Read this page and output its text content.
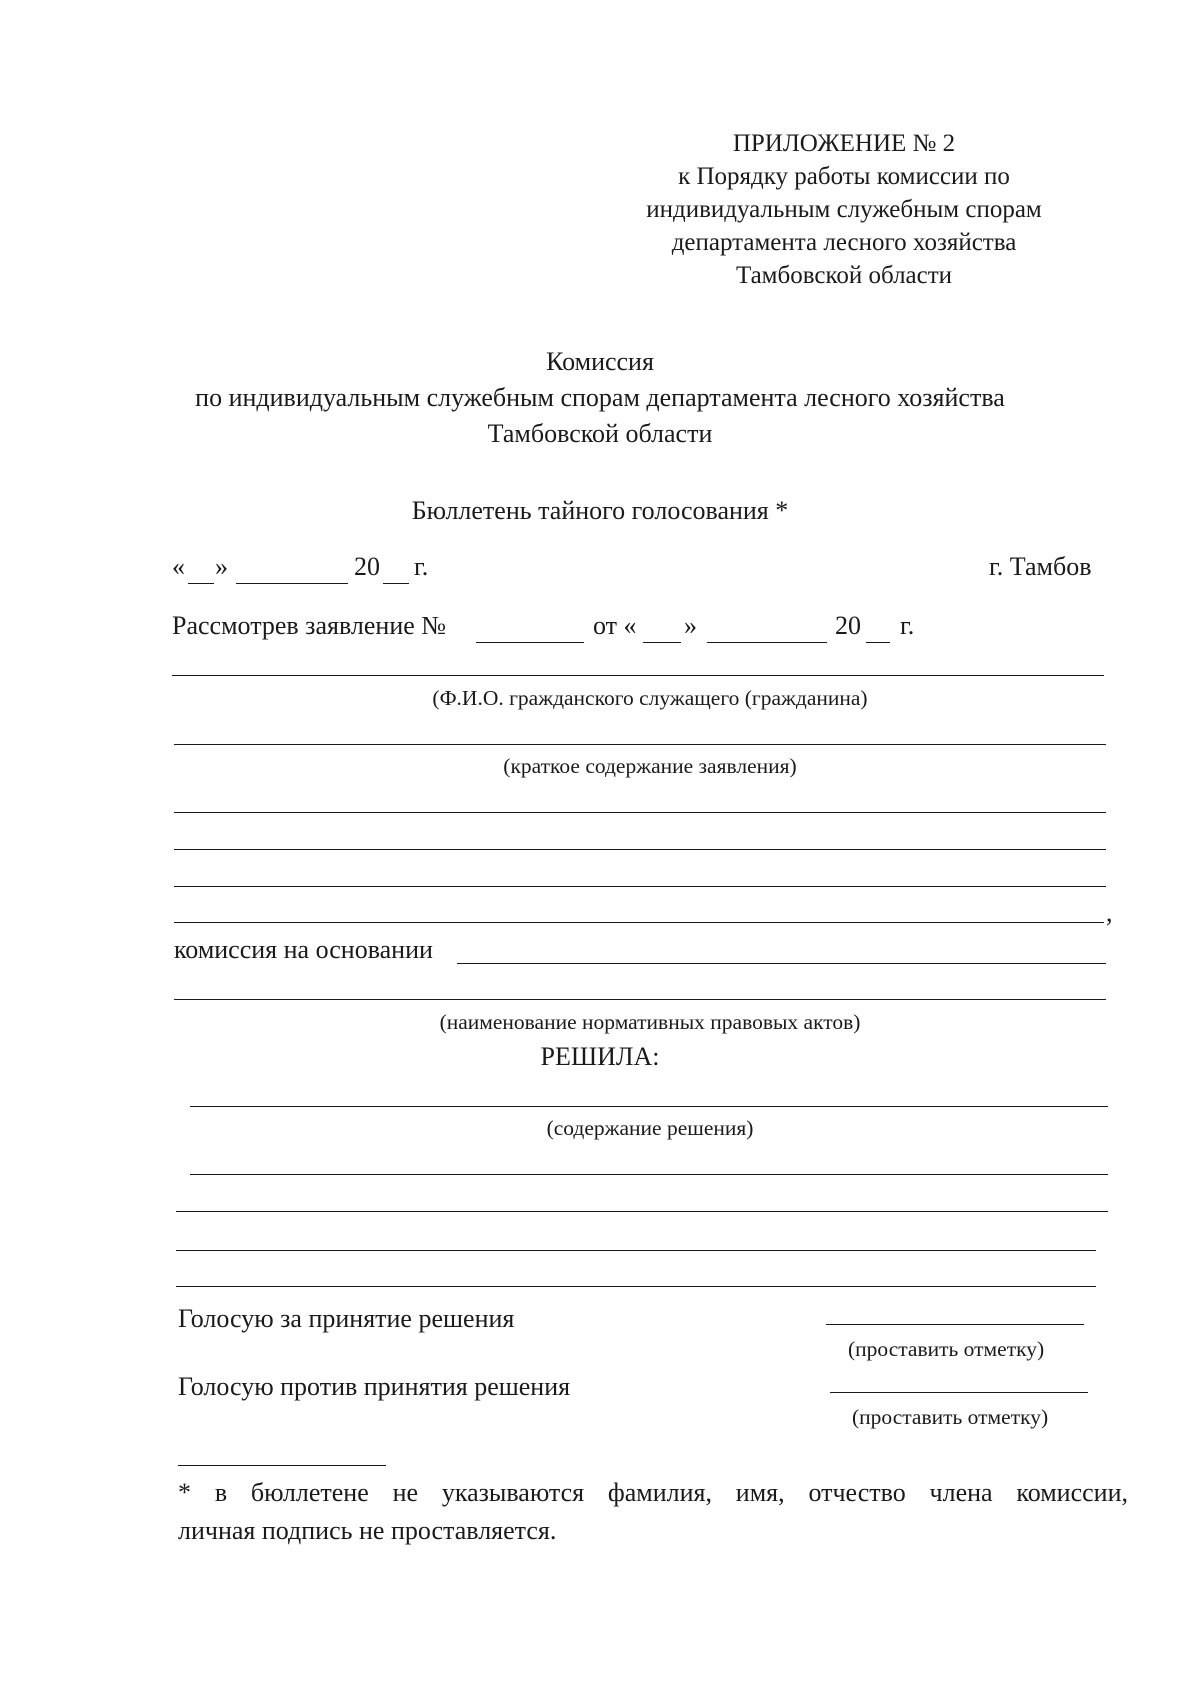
ПРИЛОЖЕНИЕ № 2
к Порядку работы комиссии по
индивидуальным служебным спорам
департамента лесного хозяйства
Тамбовской области
Комиссия
по индивидуальным служебным спорам департамента лесного хозяйства
Тамбовской области
Бюллетень тайного голосования *
« »	20 г.	г. Тамбов
Рассмотрев заявление №	от « »	20 г.
(Ф.И.О. гражданского служащего (гражданина)
(краткое содержание заявления)
,
комиссия на основании
(наименование нормативных правовых актов)
РЕШИЛА:
(содержание решения)
Голосую за принятие решения
(проставить отметку)
Голосую против принятия решения
(проставить отметку)
* в бюллетене не указываются фамилия, имя, отчество члена комиссии,
личная подпись не проставляется.
